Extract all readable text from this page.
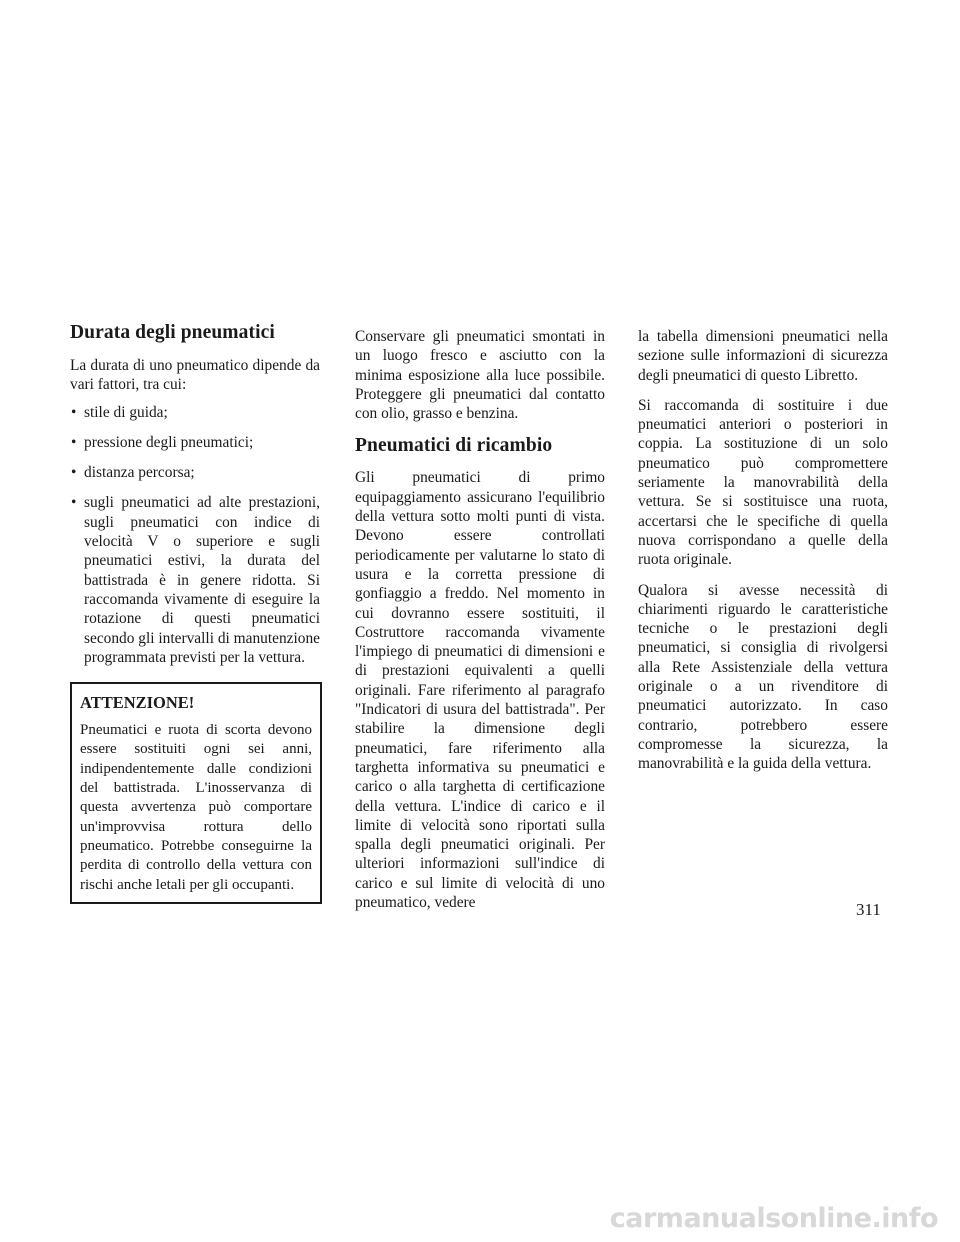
Durata degli pneumatici

La durata di uno pneumatico dipende da vari fattori, tra cui:

• stile di guida;
• pressione degli pneumatici;
• distanza percorsa;
• sugli pneumatici ad alte prestazioni, sugli pneumatici con indice di velocità V o superiore e sugli pneumatici estivi, la durata del battistrada è in genere ridotta. Si raccomanda vivamente di eseguire la rotazione di questi pneumatici secondo gli intervalli di manutenzione programmata previsti per la vettura.
ATTENZIONE!

Pneumatici e ruota di scorta devono essere sostituiti ogni sei anni, indipendentemente dalle condizioni del battistrada. L'inosservanza di questa avvertenza può comportare un'improvvisa rottura dello pneumatico. Potrebbe conseguirne la perdita di controllo della vettura con rischi anche letali per gli occupanti.

Conservare gli pneumatici smontati in un luogo fresco e asciutto con la minima esposizione alla luce possibile. Proteggere gli pneumatici dal contatto con olio, grasso e benzina.

Pneumatici di ricambio

Gli pneumatici di primo equipaggiamento assicurano l'equilibrio della vettura sotto molti punti di vista. Devono essere controllati periodicamente per valutarne lo stato di usura e la corretta pressione di gonfiaggio a freddo. Nel momento in cui dovranno essere sostituiti, il Costruttore raccomanda vivamente l'impiego di pneumatici di dimensioni e di prestazioni equivalenti a quelli originali. Fare riferimento al paragrafo "Indicatori di usura del battistrada". Per stabilire la dimensione degli pneumatici, fare riferimento alla targhetta informativa su pneumatici e carico o alla targhetta di certificazione della vettura. L'indice di carico e il limite di velocità sono riportati sulla spalla degli pneumatici originali. Per ulteriori informazioni sull'indice di carico e sul limite di velocità di uno pneumatico, vedere

la tabella dimensioni pneumatici nella sezione sulle informazioni di sicurezza degli pneumatici di questo Libretto.

Si raccomanda di sostituire i due pneumatici anteriori o posteriori in coppia. La sostituzione di un solo pneumatico può compromettere seriamente la manovrabilità della vettura. Se si sostituisce una ruota, accertarsi che le specifiche di quella nuova corrispondano a quelle della ruota originale.

Qualora si avesse necessità di chiarimenti riguardo le caratteristiche tecniche o le prestazioni degli pneumatici, si consiglia di rivolgersi alla Rete Assistenziale della vettura originale o a un rivenditore di pneumatici autorizzato. In caso contrario, potrebbero essere compromesse la sicurezza, la manovrabilità e la guida della vettura.

311
carmanualsonline.info
